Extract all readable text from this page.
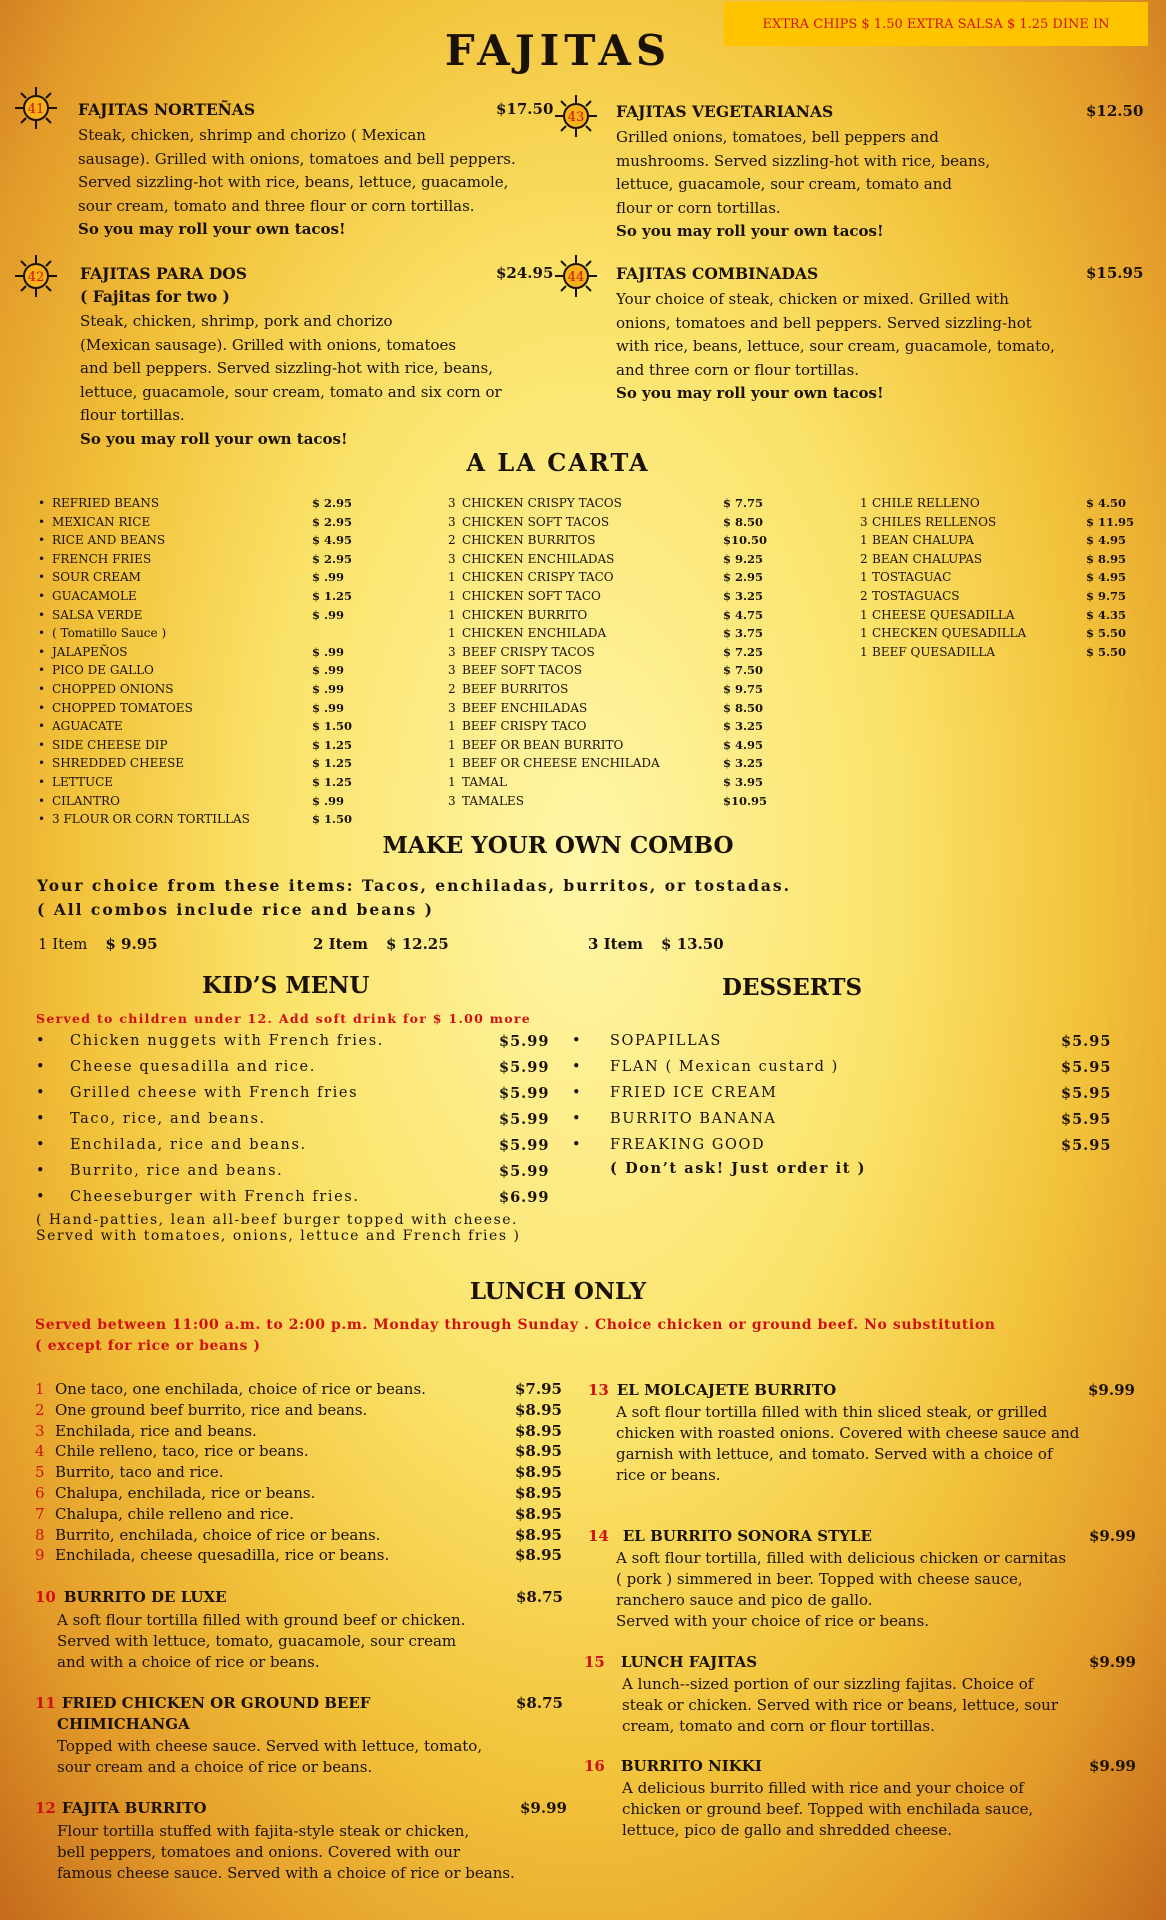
EXTRA CHIPS $ 1.50 EXTRA SALSA $ 1.25 DINE IN
FAJITAS
41 FAJITAS NORTEÑAS	$17.50
Steak, chicken, shrimp and chorizo ( Mexican
sausage). Grilled with onions, tomatoes and bell peppers.
Served sizzling-hot with rice, beans, lettuce, guacamole,
sour cream, tomato and three flour or corn tortillas.
So you may roll your own tacos!
43 FAJITAS VEGETARIANAS	$12.50
Grilled onions, tomatoes, bell peppers and
mushrooms. Served sizzling-hot with rice, beans,
lettuce, guacamole, sour cream, tomato and
flour or corn tortillas.
So you may roll your own tacos!
42 FAJITAS PARA DOS	$24.95
( Fajitas for two )
Steak, chicken, shrimp, pork and chorizo
(Mexican sausage). Grilled with onions, tomatoes
and bell peppers. Served sizzling-hot with rice, beans,
lettuce, guacamole, sour cream, tomato and six corn or
flour tortillas.
So you may roll your own tacos!
44 FAJITAS COMBINADAS	$15.95
Your choice of steak, chicken or mixed. Grilled with
onions, tomatoes and bell peppers. Served sizzling-hot
with rice, beans, lettuce, sour cream, guacamole, tomato,
and three corn or flour tortillas.
So you may roll your own tacos!
A LA CARTA
• REFRIED BEANS	$ 2.95
• MEXICAN RICE	$ 2.95
• RICE AND BEANS	$ 4.95
• FRENCH FRIES	$ 2.95
• SOUR CREAM	$ .99
• GUACAMOLE	$ 1.25
• SALSA VERDE	$ .99
• ( Tomatillo Sauce )
• JALAPEÑOS	$ .99
• PICO DE GALLO	$ .99
• CHOPPED ONIONS	$ .99
• CHOPPED TOMATOES	$ .99
• AGUACATE	$ 1.50
• SIDE CHEESE DIP	$ 1.25
• SHREDDED CHEESE	$ 1.25
• LETTUCE	$ 1.25
• CILANTRO	$ .99
• 3 FLOUR OR CORN TORTILLAS	$ 1.50
3 CHICKEN CRISPY TACOS	$ 7.75
3 CHICKEN SOFT TACOS	$ 8.50
2 CHICKEN BURRITOS	$10.50
3 CHICKEN ENCHILADAS	$ 9.25
1 CHICKEN CRISPY TACO	$ 2.95
1 CHICKEN SOFT TACO	$ 3.25
1 CHICKEN BURRITO	$ 4.75
1 CHICKEN ENCHILADA	$ 3.75
3 BEEF CRISPY TACOS	$ 7.25
3 BEEF SOFT TACOS	$ 7.50
2 BEEF BURRITOS	$ 9.75
3 BEEF ENCHILADAS	$ 8.50
1 BEEF CRISPY TACO	$ 3.25
1 BEEF OR BEAN BURRITO	$ 4.95
1 BEEF OR CHEESE ENCHILADA	$ 3.25
1 TAMAL	$ 3.95
3 TAMALES	$10.95
1 CHILE RELLENO	$ 4.50
3 CHILES RELLENOS	$ 11.95
1 BEAN CHALUPA	$ 4.95
2 BEAN CHALUPAS	$ 8.95
1 TOSTAGUAC	$ 4.95
2 TOSTAGUACS	$ 9.75
1 CHEESE QUESADILLA	$ 4.35
1 CHECKEN QUESADILLA	$ 5.50
1 BEEF QUESADILLA	$ 5.50
MAKE YOUR OWN COMBO
Your choice from these items: Tacos, enchiladas, burritos, or tostadas.
( All combos include rice and beans )
1 Item $ 9.95	2 Item $ 12.25	3 Item $ 13.50
KID’S MENU
Served to children under 12. Add soft drink for $ 1.00 more
• Chicken nuggets with French fries.	$5.99
• Cheese quesadilla and rice.	$5.99
• Grilled cheese with French fries	$5.99
• Taco, rice, and beans.	$5.99
• Enchilada, rice and beans.	$5.99
• Burrito, rice and beans.	$5.99
• Cheeseburger with French fries.	$6.99
( Hand-patties, lean all-beef burger topped with cheese.
Served with tomatoes, onions, lettuce and French fries )
DESSERTS
• SOPAPILLAS	$5.95
• FLAN ( Mexican custard )	$5.95
• FRIED ICE CREAM	$5.95
• BURRITO BANANA	$5.95
• FREAKING GOOD	$5.95
( Don’t ask! Just order it )
LUNCH ONLY
Served between 11:00 a.m. to 2:00 p.m. Monday through Sunday . Choice chicken or ground beef. No substitution
( except for rice or beans )
1 One taco, one enchilada, choice of rice or beans.	$7.95
2 One ground beef burrito, rice and beans.	$8.95
3 Enchilada, rice and beans.	$8.95
4 Chile relleno, taco, rice or beans.	$8.95
5 Burrito, taco and rice.	$8.95
6 Chalupa, enchilada, rice or beans.	$8.95
7 Chalupa, chile relleno and rice.	$8.95
8 Burrito, enchilada, choice of rice or beans.	$8.95
9 Enchilada, cheese quesadilla, rice or beans.	$8.95
10 BURRITO DE LUXE	$8.75
A soft flour tortilla filled with ground beef or chicken.
Served with lettuce, tomato, guacamole, sour cream
and with a choice of rice or beans.
11 FRIED CHICKEN OR GROUND BEEF	$8.75
CHIMICHANGA
Topped with cheese sauce. Served with lettuce, tomato,
sour cream and a choice of rice or beans.
12 FAJITA BURRITO	$9.99
Flour tortilla stuffed with fajita-style steak or chicken,
bell peppers, tomatoes and onions. Covered with our
famous cheese sauce. Served with a choice of rice or beans.
13 EL MOLCAJETE BURRITO	$9.99
A soft flour tortilla filled with thin sliced steak, or grilled
chicken with roasted onions. Covered with cheese sauce and
garnish with lettuce, and tomato. Served with a choice of
rice or beans.
14 EL BURRITO SONORA STYLE	$9.99
A soft flour tortilla, filled with delicious chicken or carnitas
( pork ) simmered in beer. Topped with cheese sauce,
ranchero sauce and pico de gallo.
Served with your choice of rice or beans.
15 LUNCH FAJITAS	$9.99
A lunch--sized portion of our sizzling fajitas. Choice of
steak or chicken. Served with rice or beans, lettuce, sour
cream, tomato and corn or flour tortillas.
16 BURRITO NIKKI	$9.99
A delicious burrito filled with rice and your choice of
chicken or ground beef. Topped with enchilada sauce,
lettuce, pico de gallo and shredded cheese.
